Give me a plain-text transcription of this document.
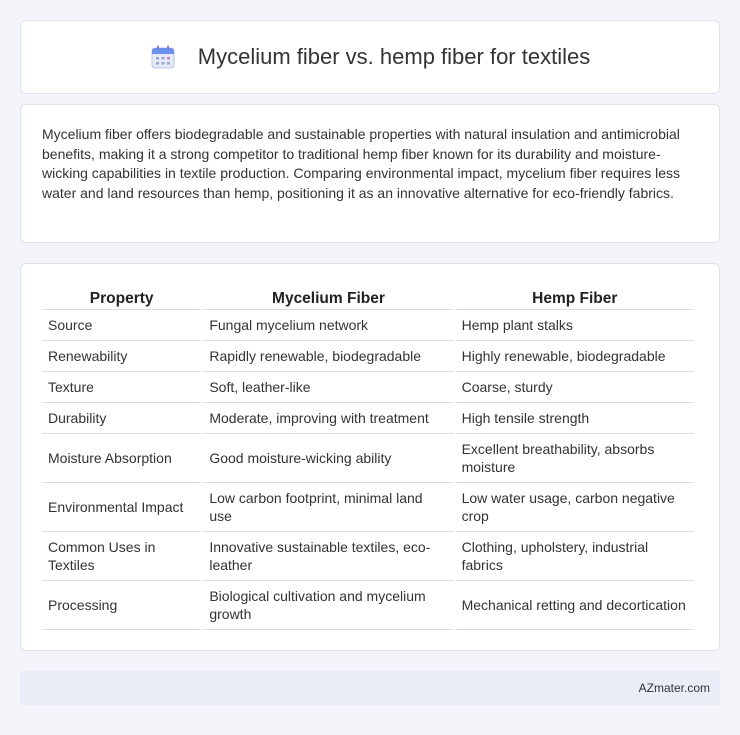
Mycelium fiber vs. hemp fiber for textiles

Mycelium fiber offers biodegradable and sustainable properties with natural insulation and antimicrobial benefits, making it a strong competitor to traditional hemp fiber known for its durability and moisture-wicking capabilities in textile production. Comparing environmental impact, mycelium fiber requires less water and land resources than hemp, positioning it as an innovative alternative for eco-friendly fabrics.

Property	Mycelium Fiber	Hemp Fiber
Source	Fungal mycelium network	Hemp plant stalks
Renewability	Rapidly renewable, biodegradable	Highly renewable, biodegradable
Texture	Soft, leather-like	Coarse, sturdy
Durability	Moderate, improving with treatment	High tensile strength
Moisture Absorption	Good moisture-wicking ability	Excellent breathability, absorbs moisture
Environmental Impact	Low carbon footprint, minimal land use	Low water usage, carbon negative crop
Common Uses in Textiles	Innovative sustainable textiles, eco-leather	Clothing, upholstery, industrial fabrics
Processing	Biological cultivation and mycelium growth	Mechanical retting and decortication
AZmater.com
